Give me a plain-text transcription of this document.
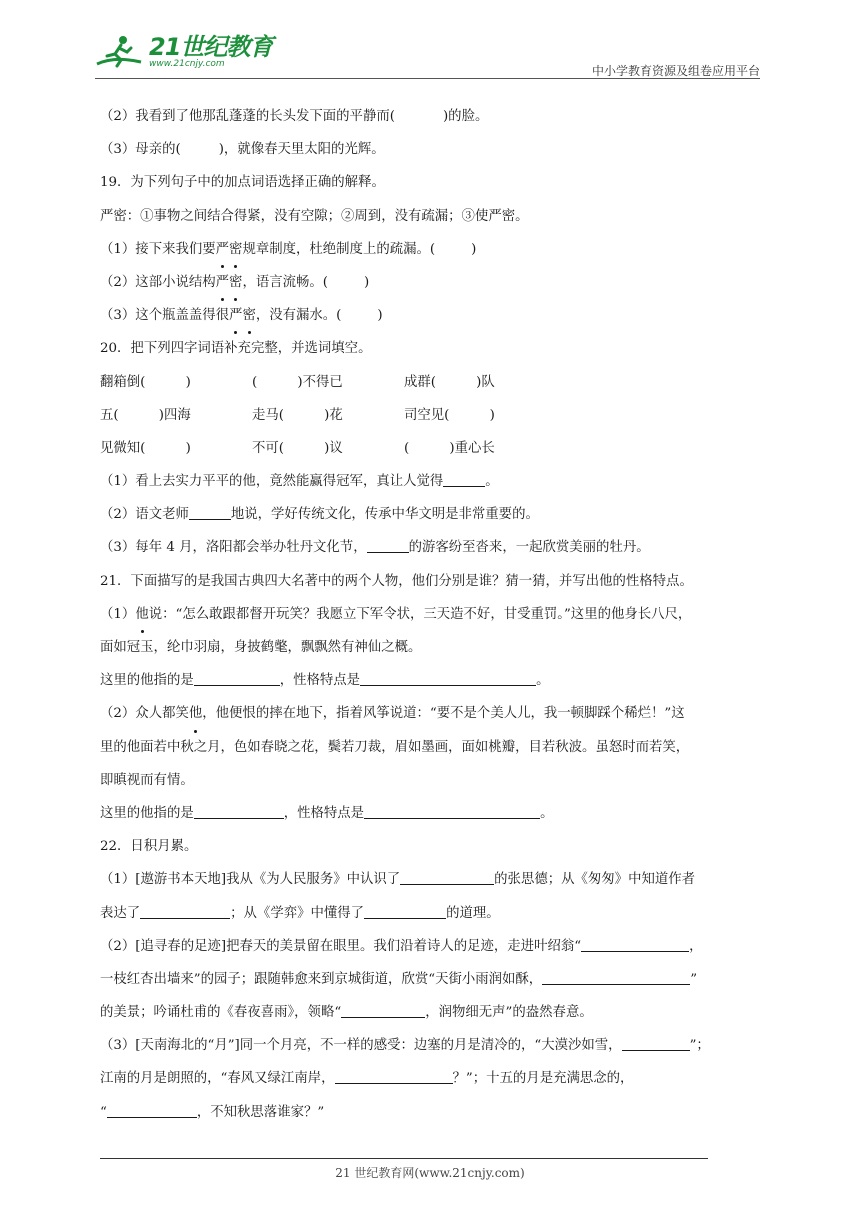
21世纪教育
www.21cnjy.com	中小学教育资源及组卷应用平台
（2）我看到了他那乱蓬蓬的长头发下面的平静而(	)的脸。
（3）母亲的(	)，就像春天里太阳的光辉。
19．为下列句子中的加点词语选择正确的解释。
严密：①事物之间结合得紧，没有空隙；②周到，没有疏漏；③使严密。
（1）接下来我们要严密规章制度，杜绝制度上的疏漏。(	)
（2）这部小说结构严密，语言流畅。(	)
（3）这个瓶盖盖得很严密，没有漏水。(	)
20．把下列四字词语补充完整，并选词填空。
翻箱倒(　　　)	(　　　)不得已	成群(　　　)队
五(　　　)四海	走马(　　　)花	司空见(　　　)
见微知(　　　)	不可(　　　)议	(　　　)重心长
（1）看上去实力平平的他，竟然能赢得冠军，真让人觉得	。
（2）语文老师	地说，学好传统文化，传承中华文明是非常重要的。
（3）每年 4 月，洛阳都会举办牡丹文化节，	的游客纷至沓来，一起欣赏美丽的牡丹。
21．下面描写的是我国古典四大名著中的两个人物，他们分别是谁？猜一猜，并写出他的性格特点。
（1）他说：“怎么敢跟都督开玩笑？我愿立下军令状，三天造不好，甘受重罚。”这里的他身长八尺，
面如冠玉，纶巾羽扇，身披鹤氅，飘飘然有神仙之概。
这里的他指的是	，性格特点是	。
（2）众人都笑他，他便恨的摔在地下，指着风筝说道：“要不是个美人儿，我一顿脚踩个稀烂！”这
里的他面若中秋之月，色如春晓之花，鬓若刀裁，眉如墨画，面如桃瓣，目若秋波。虽怒时而若笑，
即瞋视而有情。
这里的他指的是	，性格特点是	。
22．日积月累。
（1）[遨游书本天地]我从《为人民服务》中认识了	的张思德；从《匆匆》中知道作者
表达了	；从《学弈》中懂得了	的道理。
（2）[追寻春的足迹]把春天的美景留在眼里。我们沿着诗人的足迹，走进叶绍翁“	，
一枝红杏出墙来”的园子；跟随韩愈来到京城街道，欣赏“天街小雨润如酥，	”
的美景；吟诵杜甫的《春夜喜雨》，领略“	，润物细无声”的盎然春意。
（3）[天南海北的“月”]同一个月亮，不一样的感受：边塞的月是清冷的，“大漠沙如雪，	”；
江南的月是朗照的，“春风又绿江南岸，	？”；十五的月是充满思念的，
“	，不知秋思落谁家？”
21 世纪教育网(www.21cnjy.com)
